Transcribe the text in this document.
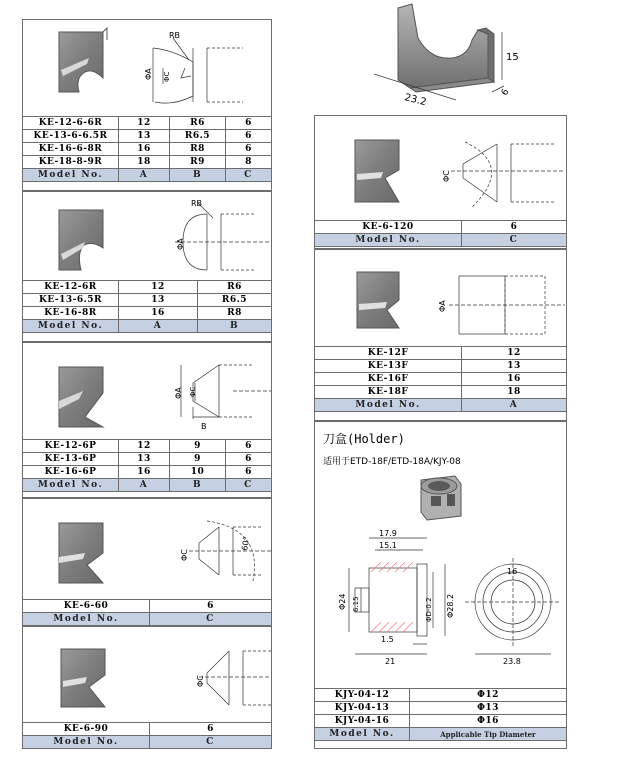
RB
ΦA ΦC
KE-12-6-6R	12	R6	6
KE-13-6-6.5R	13	R6.5	6
KE-16-6-8R	16	R8	6
KE-18-8-9R	18	R9	8
Model No.	A	B	C
RB
ΦA
KE-12-6R	12	R6
KE-13-6.5R	13	R6.5
KE-16-8R	16	R8
Model No.	A	B
ΦA ΦC
B
KE-12-6P	12	9	6
KE-13-6P	13	9	6
KE-16-6P	16	10	6
Model No.	A	B	C
ΦC
60°
KE-6-60	6
Model No.	C
ΦC
KE-6-90	6
Model No.	C
23.2
15
6
ΦC
KE-6-120	6
Model No.	C
ΦA
KE-12F	12
KE-13F	13
KE-16F	16
KE-18F	18
Model No.	A
刀盒(Holder)
适用于ETD-18F/ETD-18A/KJY-08
17.9
15.1
Φ24 6.15	ΦD-0.2 Φ28.2
1.5
21
16
23.8
KJY-04-12	Φ12
KJY-04-13	Φ13
KJY-04-16	Φ16
Model No.	Applicable Tip Diameter
